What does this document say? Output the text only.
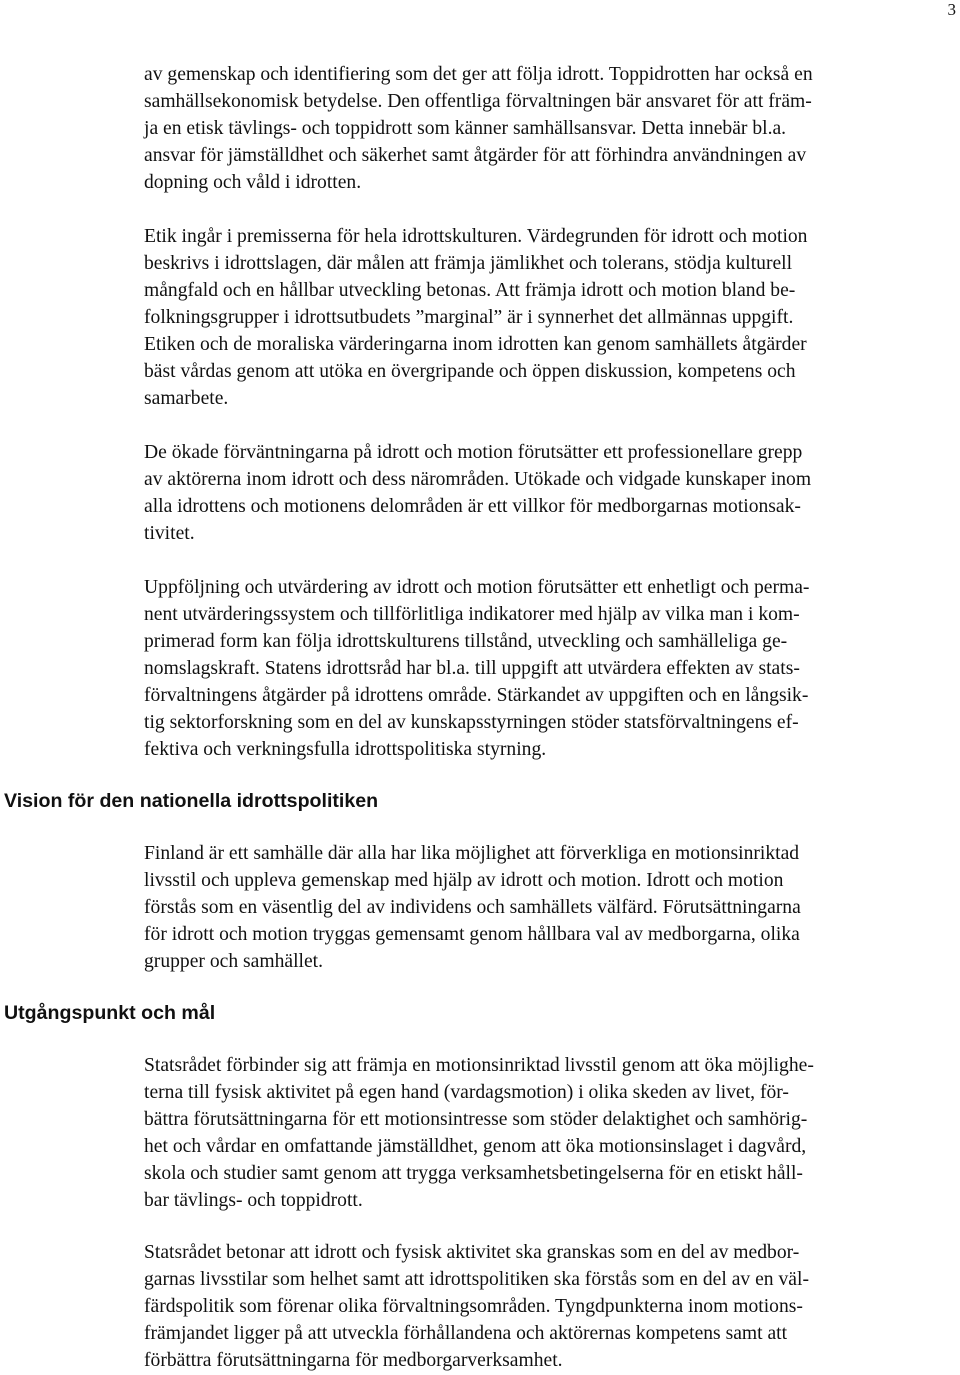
3
av gemenskap och identifiering som det ger att följa idrott. Toppidrotten har också en
samhällsekonomisk betydelse. Den offentliga förvaltningen bär ansvaret för att främ-
ja en etisk tävlings- och toppidrott som känner samhällsansvar. Detta innebär bl.a.
ansvar för jämställdhet och säkerhet samt åtgärder för att förhindra användningen av
dopning och våld i idrotten.
Etik ingår i premisserna för hela idrottskulturen. Värdegrunden för idrott och motion
beskrivs i idrottslagen, där målen att främja jämlikhet och tolerans, stödja kulturell
mångfald och en hållbar utveckling betonas. Att främja idrott och motion bland be-
folkningsgrupper i idrottsutbudets ”marginal” är i synnerhet det allmännas uppgift.
Etiken och de moraliska värderingarna inom idrotten kan genom samhällets åtgärder
bäst vårdas genom att utöka en övergripande och öppen diskussion, kompetens och
samarbete.
De ökade förväntningarna på idrott och motion förutsätter ett professionellare grepp
av aktörerna inom idrott och dess närområden. Utökade och vidgade kunskaper inom
alla idrottens och motionens delområden är ett villkor för medborgarnas motionsak-
tivitet.
Uppföljning och utvärdering av idrott och motion förutsätter ett enhetligt och perma-
nent utvärderingssystem och tillförlitliga indikatorer med hjälp av vilka man i kom-
primerad form kan följa idrottskulturens tillstånd, utveckling och samhälleliga ge-
nomslagskraft. Statens idrottsråd har bl.a. till uppgift att utvärdera effekten av stats-
förvaltningens åtgärder på idrottens område. Stärkandet av uppgiften och en långsik-
tig sektorforskning som en del av kunskapsstyrningen stöder statsförvaltningens ef-
fektiva och verkningsfulla idrottspolitiska styrning.
Vision för den nationella idrottspolitiken
Finland är ett samhälle där alla har lika möjlighet att förverkliga en motionsinriktad
livsstil och uppleva gemenskap med hjälp av idrott och motion. Idrott och motion
förstås som en väsentlig del av individens och samhällets välfärd. Förutsättningarna
för idrott och motion tryggas gemensamt genom hållbara val av medborgarna, olika
grupper och samhället.
Utgångspunkt och mål
Statsrådet förbinder sig att främja en motionsinriktad livsstil genom att öka möjlighe-
terna till fysisk aktivitet på egen hand (vardagsmotion) i olika skeden av livet, för-
bättra förutsättningarna för ett motionsintresse som stöder delaktighet och samhörig-
het och vårdar en omfattande jämställdhet, genom att öka motionsinslaget i dagvård,
skola och studier samt genom att trygga verksamhetsbetingelserna för en etiskt håll-
bar tävlings- och toppidrott.
Statsrådet betonar att idrott och fysisk aktivitet ska granskas som en del av medbor-
garnas livsstilar som helhet samt att idrottspolitiken ska förstås som en del av en väl-
färdspolitik som förenar olika förvaltningsområden. Tyngdpunkterna inom motions-
främjandet ligger på att utveckla förhållandena och aktörernas kompetens samt att
förbättra förutsättningarna för medborgarverksamhet.
